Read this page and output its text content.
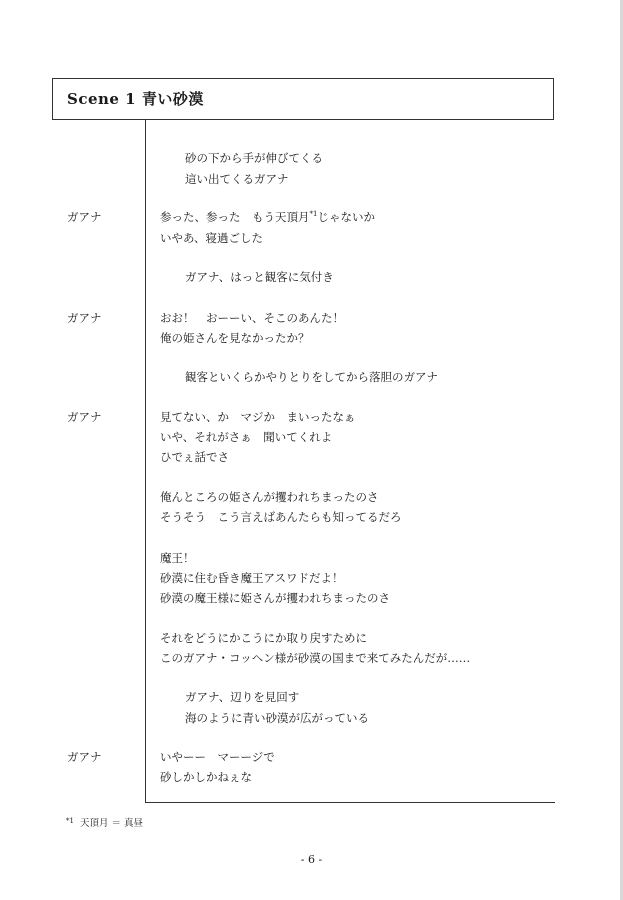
Scene 1 青い砂漠
砂の下から手が伸びてくる
這い出てくるガアナ
ガアナ	参った、参った　もう天頂月$^{*1}$じゃないか
いやあ、寝過ごした
ガアナ、はっと観客に気付き
ガアナ	おお！　おーーい、そこのあんた！
俺の姫さんを見なかったか？
観客といくらかやりとりをしてから落胆のガアナ
ガアナ	見てない、か　マジか　まいったなぁ
いや、それがさぁ　聞いてくれよ
ひでぇ話でさ
俺んところの姫さんが攫われちまったのさ
そうそう　こう言えばあんたらも知ってるだろ
魔王！
砂漠に住む昏き魔王アスワドだよ！
砂漠の魔王様に姫さんが攫われちまったのさ
それをどうにかこうにか取り戻すために
このガアナ・コッヘン様が砂漠の国まで来てみたんだが……
ガアナ、辺りを見回す
海のように青い砂漠が広がっている
ガアナ	いやーー　マーージで
砂しかしかねぇな
$^{*1}$ 天頂月 ＝ 真昼
- 6 -
